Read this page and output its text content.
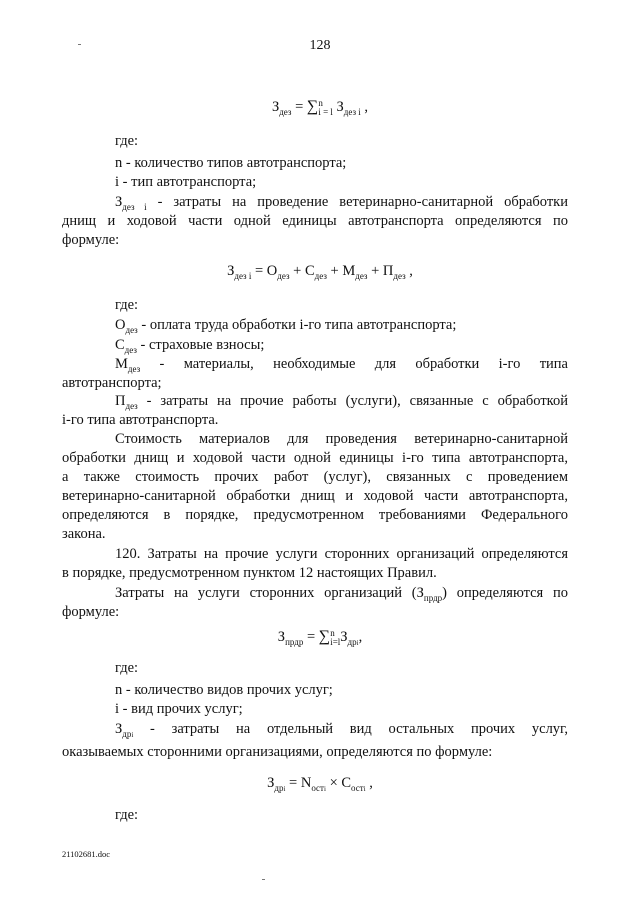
128
$З_{дез}$ = ∑ n
i = l $З_{дез i}$ ,
где:
n - количество типов автотранспорта;
i - тип автотранспорта;
$З_{дез i}$ - затраты на проведение ветеринарно-санитарной обработки
днищ и ходовой части одной единицы автотранспорта определяются по
формуле:
$З_{дез i} = О_{дез} + С_{дез} + М_{дез} + П_{дез}$ ,
где:
$О_{дез}$ - оплата труда обработки i-го типа автотранспорта;
$С_{дез}$ - страховые взносы;
$М_{дез}$ - материалы, необходимые для обработки i-го типа
автотранспорта;
$П_{дез}$ - затраты на прочие работы (услуги), связанные с обработкой
i-го типа автотранспорта.
Стоимость материалов для проведения ветеринарно-санитарной
обработки днищ и ходовой части одной единицы i-го типа автотранспорта,
а также стоимость прочих работ (услуг), связанных с проведением
ветеринарно-санитарной обработки днищ и ходовой части автотранспорта,
определяются в порядке, предусмотренном требованиями Федерального
закона.
120. Затраты на прочие услуги сторонних организаций определяются
в порядке, предусмотренном пунктом 12 настоящих Правил.
Затраты на услуги сторонних организаций $(З_{прдр})$ определяются по
формуле:
$З_{прдр}$ = ∑ n
i=l $З_{дрi}$,
где:
n - количество видов прочих услуг;
i - вид прочих услуг;
$З_{дрi}$ - затраты на отдельный вид остальных прочих услуг,
оказываемых сторонними организациями, определяются по формуле:
$З_{дрi} = N_{остi} \times С_{остi}$ ,
где:
21102681.doc
